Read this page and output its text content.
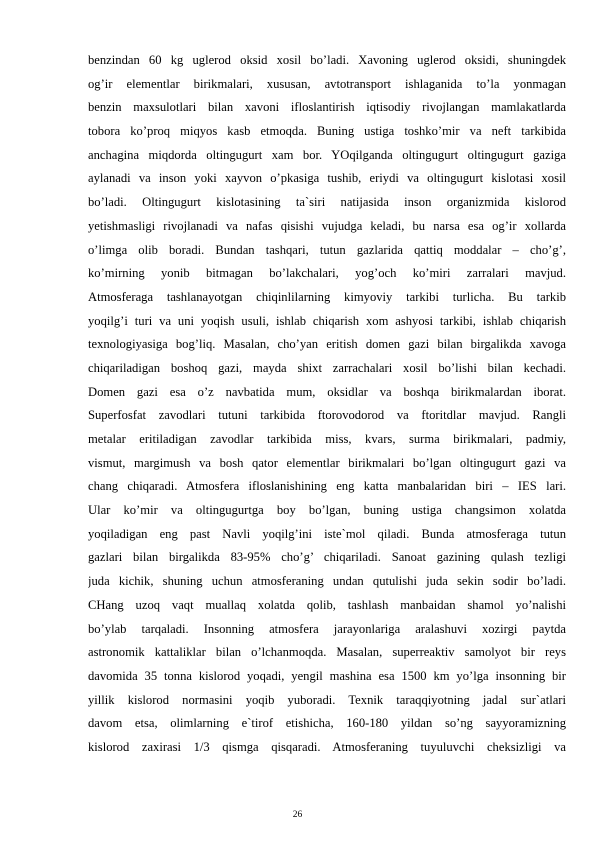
benzindan 60 kg uglerod oksid xosil bo’ladi. Xavoning uglerod oksidi, shuningdek
og’ir elementlar birikmalari, xususan, avtotransport ishlaganida to’la yonmagan
benzin maxsulotlari bilan xavoni ifloslantirish iqtisodiy rivojlangan mamlakatlarda
tobora ko’proq miqyos kasb etmoqda. Buning ustiga toshko’mir va neft tarkibida
anchagina miqdorda oltingugurt xam bor. YOqilganda oltingugurt oltingugurt gaziga
aylanadi va inson yoki xayvon o’pkasiga tushib, eriydi va oltingugurt kislotasi xosil
bo’ladi. Oltingugurt kislotasining ta`siri natijasida inson organizmida kislorod
yetishmasligi rivojlanadi va nafas qisishi vujudga keladi, bu narsa esa og’ir xollarda
o’limga olib boradi. Bundan tashqari, tutun gazlarida qattiq moddalar – cho’g’,
ko’mirning yonib bitmagan bo’lakchalari, yog’och ko’miri zarralari mavjud.
Atmosferaga tashlanayotgan chiqinlilarning kimyoviy tarkibi turlicha. Bu tarkib
yoqilg’i turi va uni yoqish usuli, ishlab chiqarish xom ashyosi tarkibi, ishlab chiqarish
texnologiyasiga bog’liq. Masalan, cho’yan eritish domen gazi bilan birgalikda xavoga
chiqariladigan boshoq gazi, mayda shixt zarrachalari xosil bo’lishi bilan kechadi.
Domen gazi esa o’z navbatida mum, oksidlar va boshqa birikmalardan iborat.
Superfosfat zavodlari tutuni tarkibida ftorovodorod va ftoritdlar mavjud. Rangli
metalar eritiladigan zavodlar tarkibida miss, kvars, surma birikmalari, padmiy,
vismut, margimush va bosh qator elementlar birikmalari bo’lgan oltingugurt gazi va
chang chiqaradi. Atmosfera ifloslanishining eng katta manbalaridan biri – IES lari.
Ular ko’mir va oltingugurtga boy bo’lgan, buning ustiga changsimon xolatda
yoqiladigan eng past Navli yoqilg’ini iste`mol qiladi. Bunda atmosferaga tutun
gazlari bilan birgalikda 83-95% cho’g’ chiqariladi. Sanoat gazining qulash tezligi
juda kichik, shuning uchun atmosferaning undan qutulishi juda sekin sodir bo’ladi.
CHang uzoq vaqt muallaq xolatda qolib, tashlash manbaidan shamol yo’nalishi
bo’ylab tarqaladi. Insonning atmosfera jarayonlariga aralashuvi xozirgi paytda
astronomik kattaliklar bilan o’lchanmoqda. Masalan, superreaktiv samolyot bir reys
davomida 35 tonna kislorod yoqadi, yengil mashina esa 1500 km yo’lga insonning bir
yillik kislorod normasini yoqib yuboradi. Texnik taraqqiyotning jadal sur`atlari
davom etsa, olimlarning e`tirof etishicha, 160-180 yildan so’ng sayyoramizning
kislorod zaxirasi 1/3 qismga qisqaradi. Atmosferaning tuyuluvchi cheksizligi va
26
